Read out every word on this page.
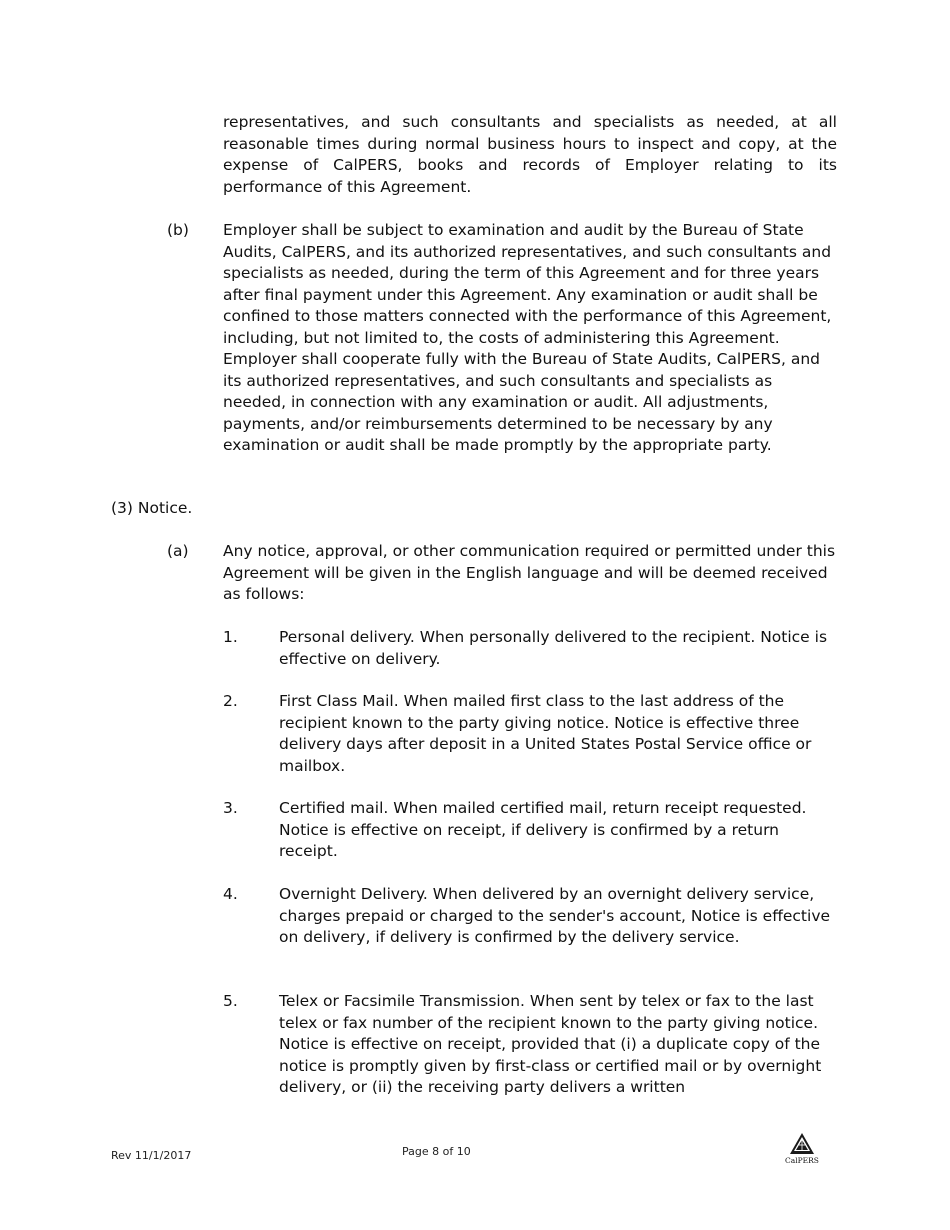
representatives, and such consultants and specialists as needed, at all reasonable times during normal business hours to inspect and copy, at the expense of CalPERS, books and records of Employer relating to its performance of this Agreement.
(b) Employer shall be subject to examination and audit by the Bureau of State Audits, CalPERS, and its authorized representatives, and such consultants and specialists as needed, during the term of this Agreement and for three years after final payment under this Agreement. Any examination or audit shall be confined to those matters connected with the performance of this Agreement, including, but not limited to, the costs of administering this Agreement. Employer shall cooperate fully with the Bureau of State Audits, CalPERS, and its authorized representatives, and such consultants and specialists as needed, in connection with any examination or audit. All adjustments, payments, and/or reimbursements determined to be necessary by any examination or audit shall be made promptly by the appropriate party.
(3) Notice.
(a) Any notice, approval, or other communication required or permitted under this Agreement will be given in the English language and will be deemed received as follows:
1.	Personal delivery. When personally delivered to the recipient. Notice is effective on delivery.
2.	First Class Mail. When mailed first class to the last address of the recipient known to the party giving notice. Notice is effective three delivery days after deposit in a United States Postal Service office or mailbox.
3.	Certified mail. When mailed certified mail, return receipt requested. Notice is effective on receipt, if delivery is confirmed by a return receipt.
4.	Overnight Delivery. When delivered by an overnight delivery service, charges prepaid or charged to the sender's account, Notice is effective on delivery, if delivery is confirmed by the delivery service.
5.	Telex or Facsimile Transmission. When sent by telex or fax to the last telex or fax number of the recipient known to the party giving notice. Notice is effective on receipt, provided that (i) a duplicate copy of the notice is promptly given by first-class or certified mail or by overnight delivery, or (ii) the receiving party delivers a written
Rev 11/1/2017	Page 8 of 10
CalPERS
